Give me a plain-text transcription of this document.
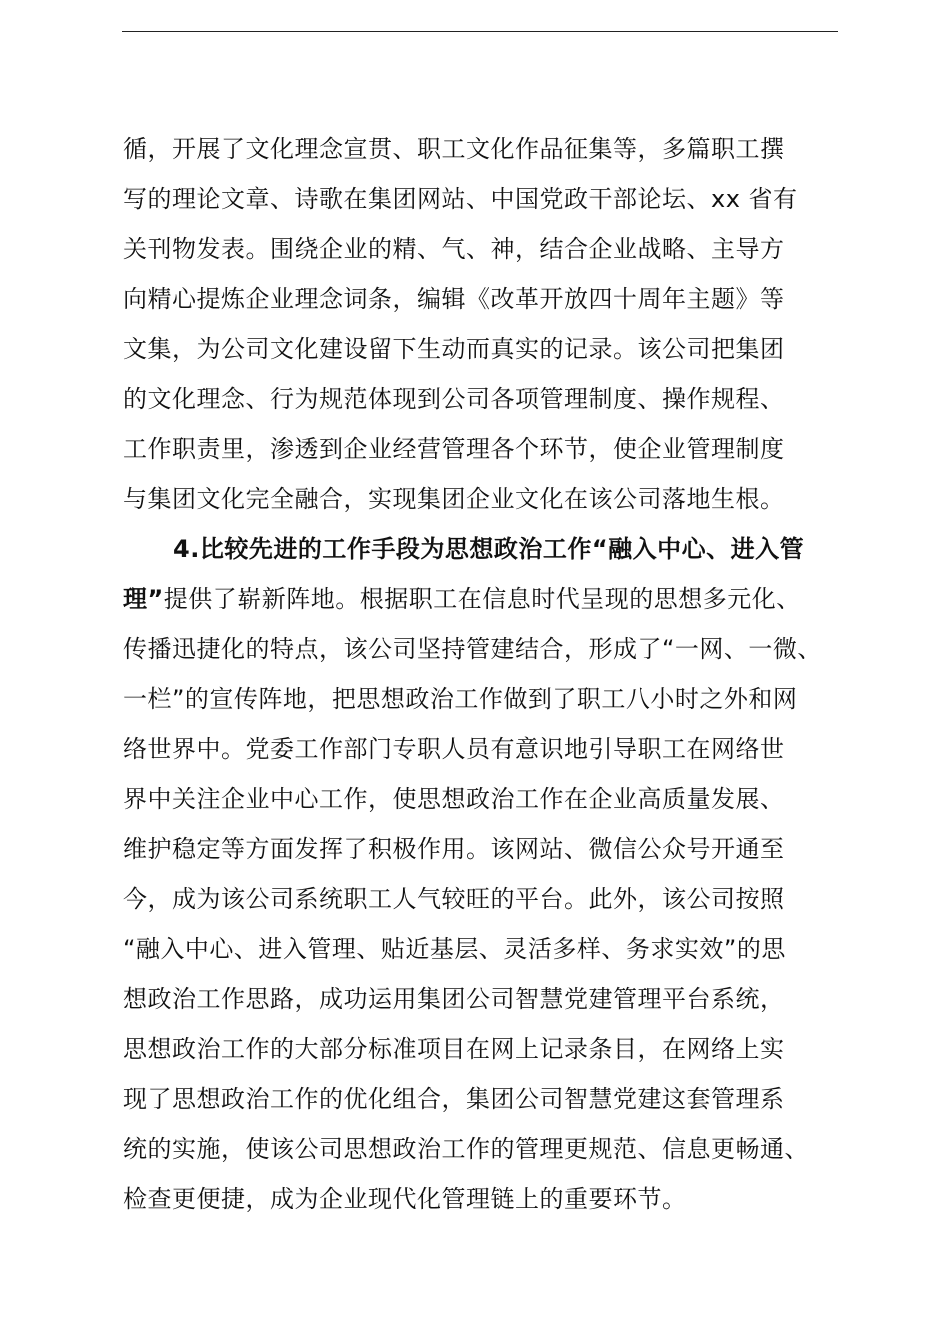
循，开展了文化理念宣贯、职工文化作品征集等，多篇职工撰
写的理论文章、诗歌在集团网站、中国党政干部论坛、xx 省有
关刊物发表。围绕企业的精、气、神，结合企业战略、主导方
向精心提炼企业理念词条，编辑《改革开放四十周年主题》等
文集，为公司文化建设留下生动而真实的记录。该公司把集团
的文化理念、行为规范体现到公司各项管理制度、操作规程、
工作职责里，渗透到企业经营管理各个环节，使企业管理制度
与集团文化完全融合，实现集团企业文化在该公司落地生根。
4.比较先进的工作手段为思想政治工作“融入中心、进入管
理”提供了崭新阵地。根据职工在信息时代呈现的思想多元化、
传播迅捷化的特点，该公司坚持管建结合，形成了“一网、一微、
一栏”的宣传阵地，把思想政治工作做到了职工八小时之外和网
络世界中。党委工作部门专职人员有意识地引导职工在网络世
界中关注企业中心工作，使思想政治工作在企业高质量发展、
维护稳定等方面发挥了积极作用。该网站、微信公众号开通至
今，成为该公司系统职工人气较旺的平台。此外，该公司按照
“融入中心、进入管理、贴近基层、灵活多样、务求实效”的思
想政治工作思路，成功运用集团公司智慧党建管理平台系统，
思想政治工作的大部分标准项目在网上记录条目，在网络上实
现了思想政治工作的优化组合，集团公司智慧党建这套管理系
统的实施，使该公司思想政治工作的管理更规范、信息更畅通、
检查更便捷，成为企业现代化管理链上的重要环节。
